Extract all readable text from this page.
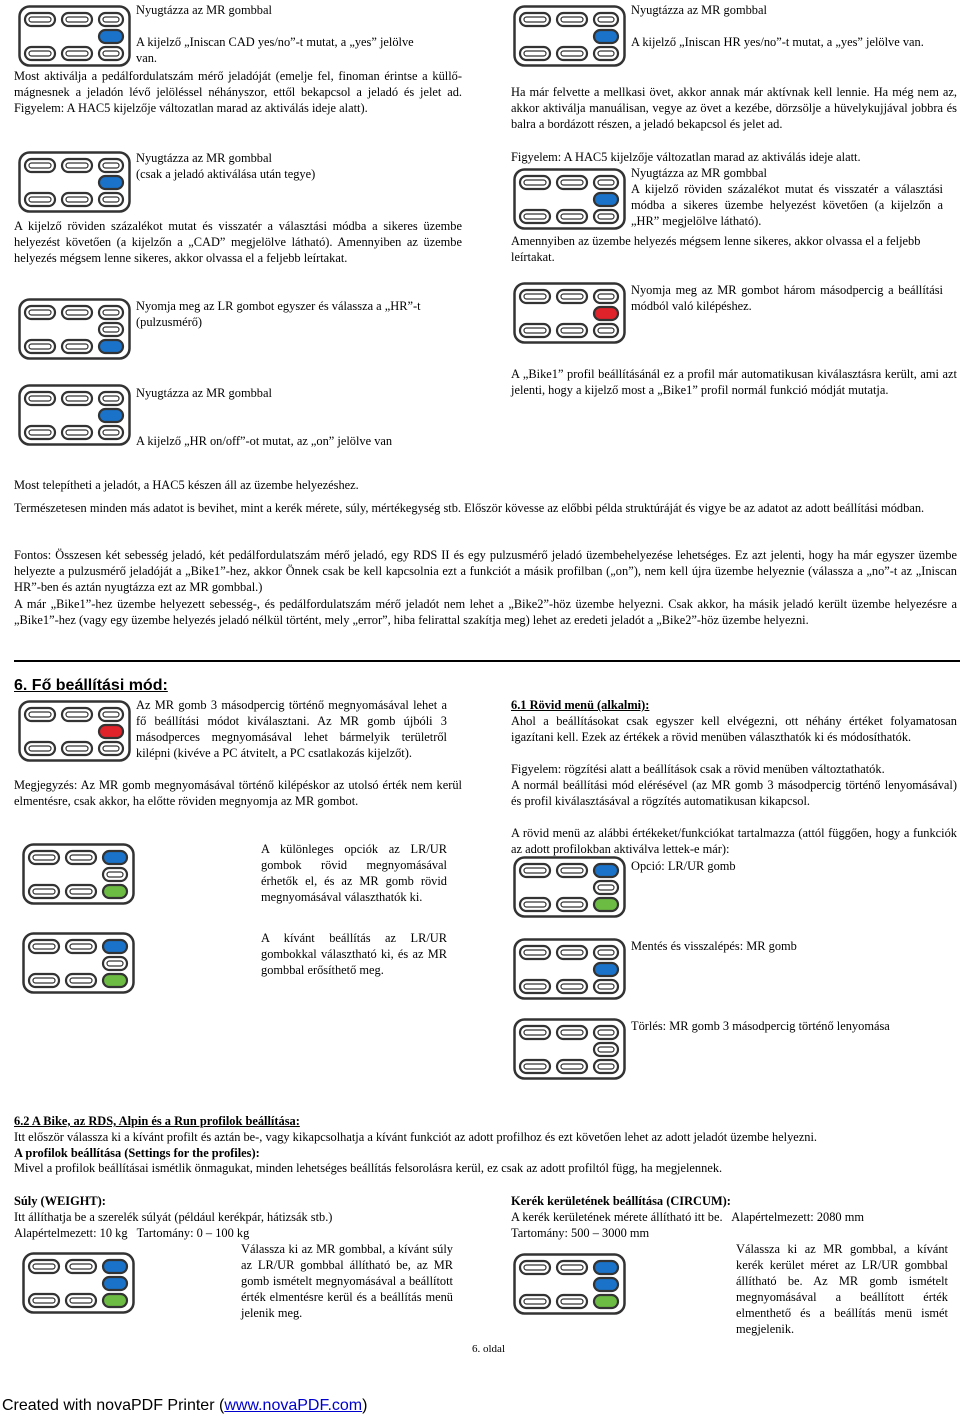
Nyugtázza az MR gombbal

A kijelző „Iniscan CAD yes/no”-t mutat, a „yes” jelölve van.

Most aktiválja a pedálfordulatszám mérő jeladóját (emelje fel, finoman érintse a küllő-mágnesnek a jeladón lévő jelöléssel néhányszor, ettől bekapcsol a jeladó és jelet ad. Figyelem: A HAC5 kijelzője változatlan marad az aktiválás ideje alatt).

Nyugtázza az MR gombbal

(csak a jeladó aktiválása után tegye)

A kijelző röviden százalékot mutat és visszatér a választási módba a sikeres üzembe helyezést követően (a kijelzőn a „CAD” megjelölve látható). Amennyiben az üzembe helyezés mégsem lenne sikeres, akkor olvassa el a feljebb leírtakat.

Nyomja meg az LR gombot egyszer és válassza a „HR”-t (pulzusmérő)

Nyugtázza az MR gombbal

A kijelző „HR on/off”-ot mutat, az „on” jelölve van

Nyugtázza az MR gombbal

A kijelző „Iniscan HR yes/no”-t mutat, a „yes” jelölve van.

Ha már felvette a mellkasi övet, akkor annak már aktívnak kell lennie. Ha még nem az, akkor aktiválja manuálisan, vegye az övet a kezébe, dörzsölje a hüvelykujjával jobbra és balra a bordázott részen, a jeladó bekapcsol és jelet ad.

Figyelem: A HAC5 kijelzője változatlan marad az aktiválás ideje alatt.

Nyugtázza az MR gombbal

A kijelző röviden százalékot mutat és visszatér a választási módba a sikeres üzembe helyezést követően (a kijelzőn a „HR” megjelölve látható).

Amennyiben az üzembe helyezés mégsem lenne sikeres, akkor olvassa el a feljebb leírtakat.

Nyomja meg az MR gombot három másodpercig a beállítási módból való kilépéshez.

A „Bike1” profil beállításánál ez a profil már automatikusan kiválasztásra került, ami azt jelenti, hogy a kijelző most a „Bike1” profil normál funkció módját mutatja.

Most telepítheti a jeladót, a HAC5 készen áll az üzembe helyezéshez.

Természetesen minden más adatot is bevihet, mint a kerék mérete, súly, mértékegység stb. Először kövesse az előbbi példa struktúráját és vigye be az adatot az adott beállítási módban.

Fontos: Összesen két sebesség jeladó, két pedálfordulatszám mérő jeladó, egy RDS II és egy pulzusmérő jeladó üzembehelyezése lehetséges. Ez azt jelenti, hogy ha már egyszer üzembe helyezte a pulzusmérő jeladóját a „Bike1”-hez, akkor Önnek csak be kell kapcsolnia ezt a funkciót a másik profilban („on”), nem kell újra üzembe helyeznie (válassza a „no”-t az „Iniscan HR”-ben és aztán nyugtázza ezt az MR gombbal.)

A már „Bike1”-hez üzembe helyezett sebesség-, és pedálfordulatszám mérő jeladót nem lehet a „Bike2”-höz üzembe helyezni. Csak akkor, ha másik jeladó került üzembe helyezésre a „Bike1”-hez (vagy egy üzembe helyezés jeladó nélkül történt, mely „error”, hiba felirattal szakítja meg) lehet az eredeti jeladót a „Bike2”-höz üzembe helyezni.

6. Fő beállítási mód:

Az MR gomb 3 másodpercig történő megnyomásával lehet a fő beállítási módot kiválasztani. Az MR gomb újbóli 3 másodperces megnyomásával lehet bármelyik területről kilépni (kivéve a PC átvitelt, a PC csatlakozás kijelzőt).

Megjegyzés: Az MR gomb megnyomásával történő kilépéskor az utolsó érték nem kerül elmentésre, csak akkor, ha előtte röviden megnyomja az MR gombot.

A különleges opciók az LR/UR gombok rövid megnyomásával érhetők el, és az MR gomb rövid megnyomásával választhatók ki.

A kívánt beállítás az LR/UR gombokkal választható ki, és az MR gombbal erősíthető meg.

6.1 Rövid menü (alkalmi):

Ahol a beállításokat csak egyszer kell elvégezni, ott néhány értéket folyamatosan igazítani kell. Ezek az értékek a rövid menüben választhatók ki és módosíthatók.

Figyelem: rögzítési alatt a beállítások csak a rövid menüben változtathatók.

A normál beállítási mód elérésével (az MR gomb 3 másodpercig történő lenyomásával) és profil kiválasztásával a rögzítés automatikusan kikapcsol.

A rövid menü az alábbi értékeket/funkciókat tartalmazza (attól függően, hogy a funkciók az adott profilokban aktiválva lettek-e már):

Opció: LR/UR gomb

Mentés és visszalépés: MR gomb

Törlés: MR gomb 3 másodpercig történő lenyomása

6.2 A Bike, az RDS, Alpin és a Run profilok beállítása:

Itt először válassza ki a kívánt profilt és aztán be-, vagy kikapcsolhatja a kívánt funkciót az adott profilhoz és ezt követően lehet az adott jeladót üzembe helyezni.

A profilok beállítása (Settings for the profiles):

Mivel a profilok beállításai ismétlik önmagukat, minden lehetséges beállítás felsorolásra kerül, ez csak az adott profiltól függ, ha megjelennek.

Súly (WEIGHT):

Itt állíthatja be a szerelék súlyát (például kerékpár, hátizsák stb.)

Alapértelmezett: 10 kg   Tartomány: 0 – 100 kg

Válassza ki az MR gombbal, a kívánt súly az LR/UR gombbal állítható be, az MR gomb ismételt megnyomásával a beállított érték elmentésre kerül és a beállítás menü jelenik meg.

Kerék kerületének beállítása (CIRCUM):

A kerék kerületének mérete állítható itt be.   Alapértelmezett: 2080 mm

Tartomány: 500 – 3000 mm

Válassza ki az MR gombbal, a kívánt kerék kerület méret az LR/UR gombbal állítható be. Az MR gomb ismételt megnyomásával a beállított érték elmenthető és a beállítás menü ismét megjelenik.

6. oldal

Created with novaPDF Printer (www.novaPDF.com)
